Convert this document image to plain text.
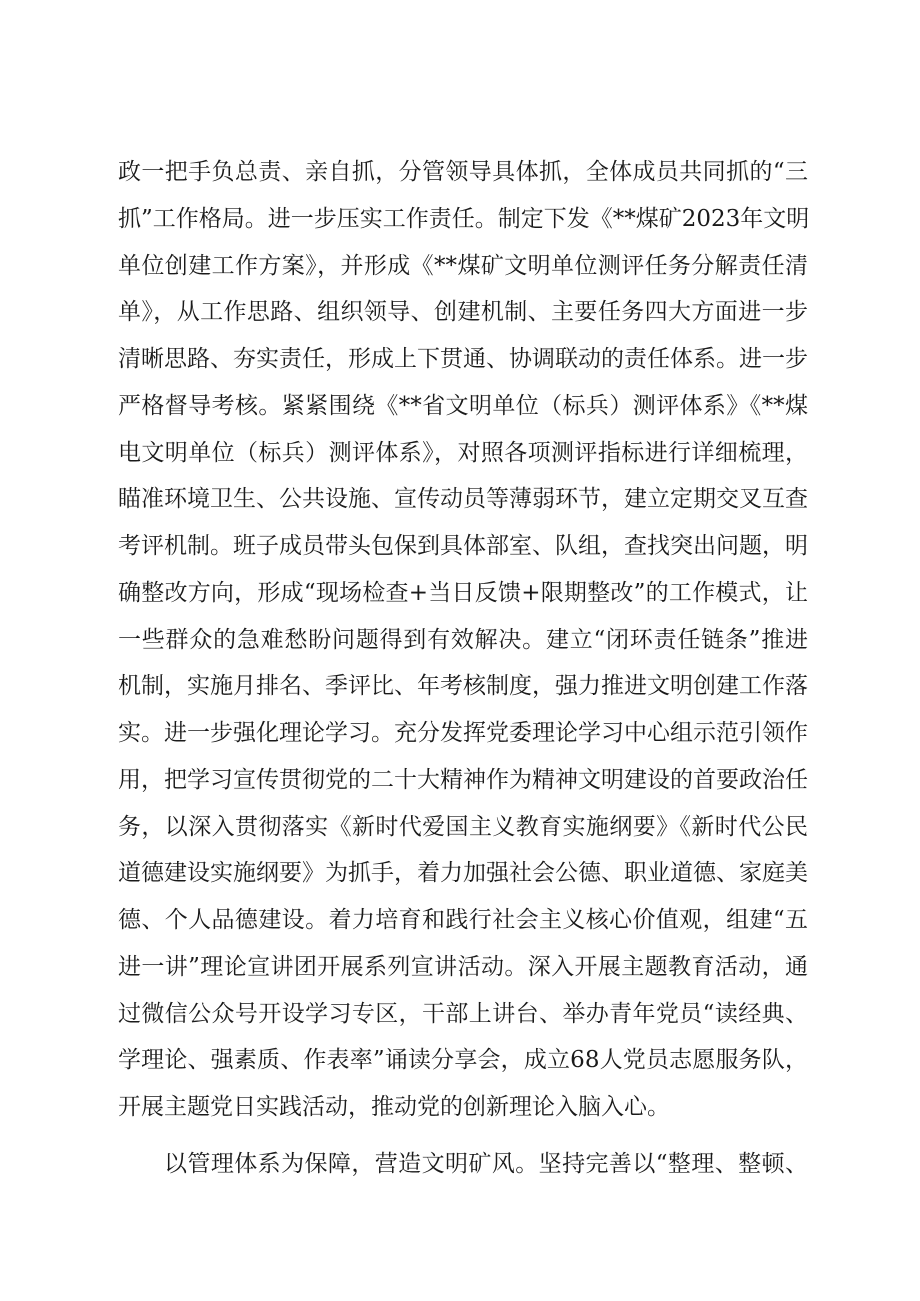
政一把手负总责、亲自抓，分管领导具体抓，全体成员共同抓的“三
抓”工作格局。进一步压实工作责任。制定下发《**煤矿2023年文明
单位创建工作方案》，并形成《**煤矿文明单位测评任务分解责任清
单》，从工作思路、组织领导、创建机制、主要任务四大方面进一步
清晰思路、夯实责任，形成上下贯通、协调联动的责任体系。进一步
严格督导考核。紧紧围绕《**省文明单位（标兵）测评体系》《**煤
电文明单位（标兵）测评体系》，对照各项测评指标进行详细梳理，
瞄准环境卫生、公共设施、宣传动员等薄弱环节，建立定期交叉互查
考评机制。班子成员带头包保到具体部室、队组，查找突出问题，明
确整改方向，形成“现场检查+当日反馈+限期整改”的工作模式，让
一些群众的急难愁盼问题得到有效解决。建立“闭环责任链条”推进
机制，实施月排名、季评比、年考核制度，强力推进文明创建工作落
实。进一步强化理论学习。充分发挥党委理论学习中心组示范引领作
用，把学习宣传贯彻党的二十大精神作为精神文明建设的首要政治任
务，以深入贯彻落实《新时代爱国主义教育实施纲要》《新时代公民
道德建设实施纲要》为抓手，着力加强社会公德、职业道德、家庭美
德、个人品德建设。着力培育和践行社会主义核心价值观，组建“五
进一讲”理论宣讲团开展系列宣讲活动。深入开展主题教育活动，通
过微信公众号开设学习专区，干部上讲台、举办青年党员“读经典、
学理论、强素质、作表率”诵读分享会，成立68人党员志愿服务队，
开展主题党日实践活动，推动党的创新理论入脑入心。
以管理体系为保障，营造文明矿风。坚持完善以“整理、整顿、
